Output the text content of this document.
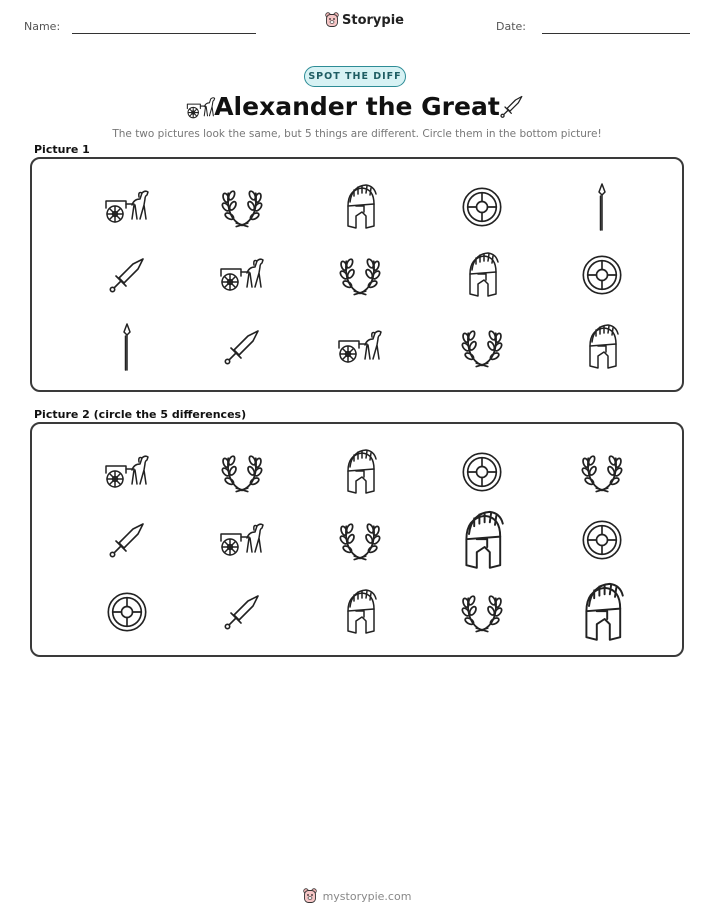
Name:	Storypie	Date:
SPOT THE DIFF
Alexander the Great
The two pictures look the same, but 5 things are different. Circle them in the bottom picture!
Picture 1
Picture 2 (circle the 5 differences)
mystorypie.com
